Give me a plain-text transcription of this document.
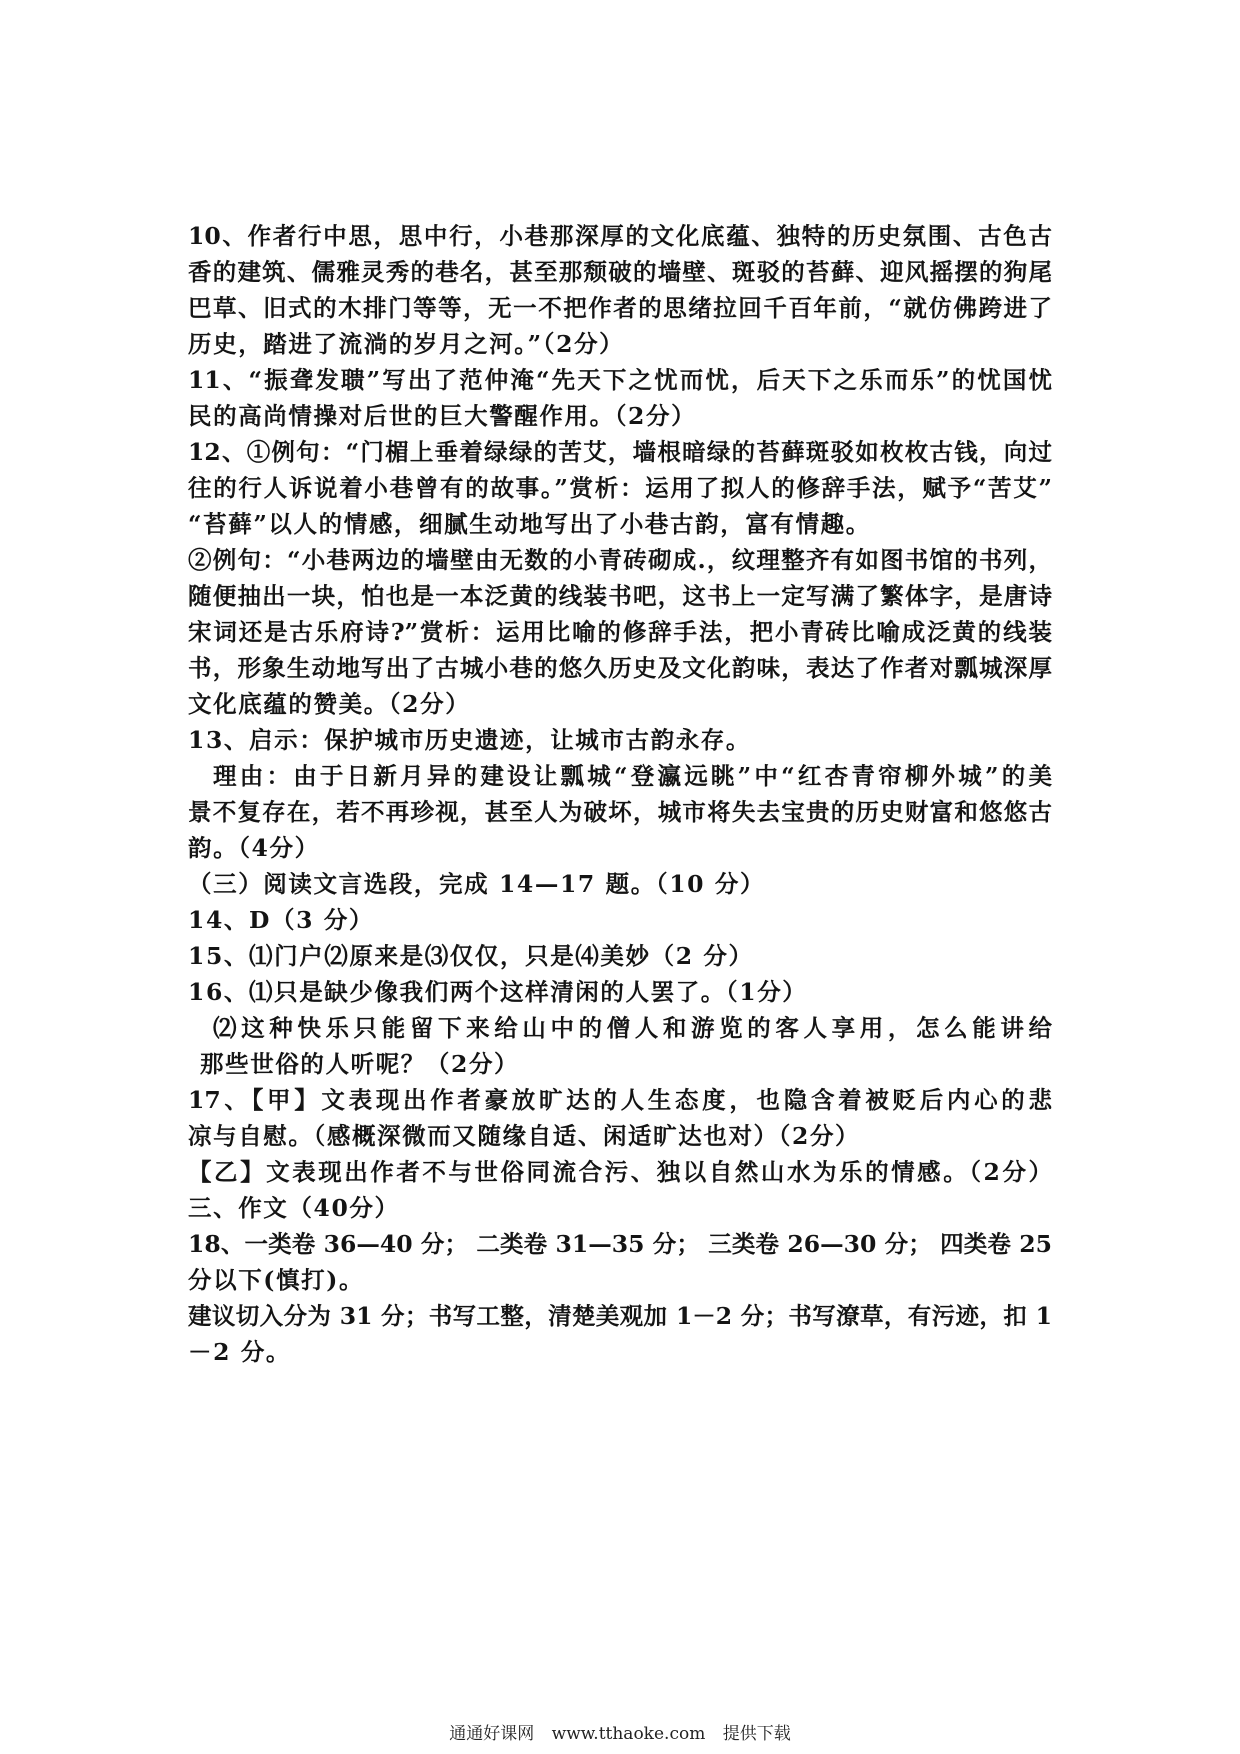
10、作者行中思，思中行，小巷那深厚的文化底蕴、独特的历史氛围、古色古
香的建筑、儒雅灵秀的巷名，甚至那颓破的墙壁、斑驳的苔藓、迎风摇摆的狗尾
巴草、旧式的木排门等等，无一不把作者的思绪拉回千百年前，“就仿佛跨进了
历史，踏进了流淌的岁月之河。”（2分）
11、“振聋发聩”写出了范仲淹“先天下之忧而忧，后天下之乐而乐”的忧国忧
民的高尚情操对后世的巨大警醒作用。（2分）
12、①例句：“门楣上垂着绿绿的苦艾，墙根暗绿的苔藓斑驳如枚枚古钱，向过
往的行人诉说着小巷曾有的故事。”赏析：运用了拟人的修辞手法，赋予“苦艾”
“苔藓”以人的情感，细腻生动地写出了小巷古韵，富有情趣。
②例句：“小巷两边的墙壁由无数的小青砖砌成.，纹理整齐有如图书馆的书列，
随便抽出一块，怕也是一本泛黄的线装书吧，这书上一定写满了繁体字，是唐诗
宋词还是古乐府诗?”赏析：运用比喻的修辞手法，把小青砖比喻成泛黄的线装
书，形象生动地写出了古城小巷的悠久历史及文化韵味，表达了作者对瓢城深厚
文化底蕴的赞美。（2分）
13、启示：保护城市历史遗迹，让城市古韵永存。
理由：由于日新月异的建设让瓢城“登瀛远眺”中“红杏青帘柳外城”的美
景不复存在，若不再珍视，甚至人为破坏，城市将失去宝贵的历史财富和悠悠古
韵。（4分）
（三）阅读文言选段，完成 14—17 题。（10 分）
14、D（3 分）
15、⑴门户⑵原来是⑶仅仅，只是⑷美妙（2 分）
16、⑴只是缺少像我们两个这样清闲的人罢了。（1分）
⑵这种快乐只能留下来给山中的僧人和游览的客人享用，怎么能讲给
那些世俗的人听呢？（2分）
17、【甲】文表现出作者豪放旷达的人生态度，也隐含着被贬后内心的悲
凉与自慰。（感概深微而又随缘自适、闲适旷达也对）（2分）
【乙】文表现出作者不与世俗同流合污、独以自然山水为乐的情感。（2分）
三、作文（40分）
18、一类卷 36—40 分； 二类卷 31—35 分； 三类卷 26—30 分； 四类卷 25
分以下(慎打)。
建议切入分为 31 分；书写工整，清楚美观加 1－2 分；书写潦草，有污迹，扣 1
－2 分。
通通好课网 www.tthaoke.com 提供下载
